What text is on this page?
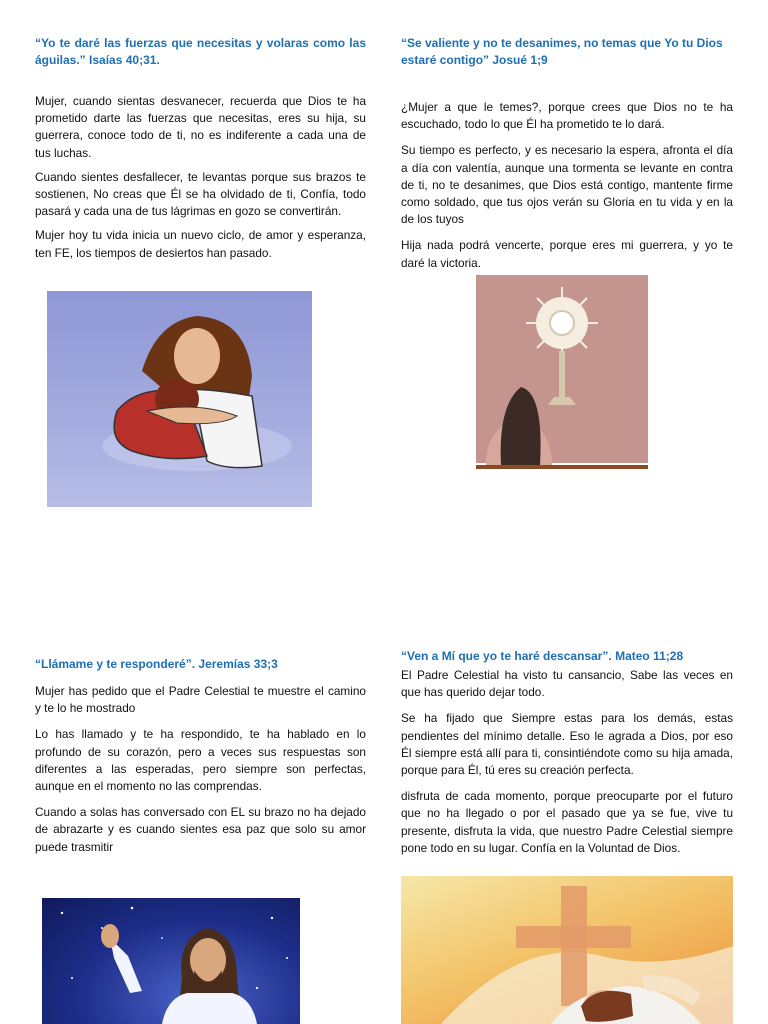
“Yo te daré las fuerzas que necesitas y volaras como las águilas.” Isaías 40;31.

Mujer, cuando sientas desvanecer, recuerda que Dios te ha prometido darte las fuerzas que necesitas, eres su hija, su guerrera, conoce todo de ti, no es indiferente a cada una de tus luchas.

Cuando sientes desfallecer, te levantas porque sus brazos te sostienen, No creas que Él se ha olvidado de ti, Confía, todo pasará y cada una de tus lágrimas en gozo se convertirán.

Mujer hoy tu vida inicia un nuevo ciclo, de amor y esperanza, ten FE, los tiempos de desiertos han pasado.

“Se valiente y no te desanimes, no temas que Yo tu Dios estaré contigo” Josué 1;9

¿Mujer a que le temes?, porque crees que Dios no te ha escuchado, todo lo que Él ha prometido te lo dará.

Su tiempo es perfecto, y es necesario la espera, afronta el día a día con valentía, aunque una tormenta se levante en contra de ti, no te desanimes, que Dios está contigo, mantente firme como soldado, que tus ojos verán su Gloria en tu vida y en la de los tuyos

Hija nada podrá vencerte, porque eres mi guerrera, y yo te daré la victoria.

“Llámame y te responderé”. Jeremías 33;3

Mujer has pedido que el Padre Celestial te muestre el camino y te lo he mostrado

Lo has llamado y te ha respondido, te ha hablado en lo profundo de su corazón, pero a veces sus respuestas son diferentes a las esperadas, pero siempre son perfectas, aunque en el momento no las comprendas.

Cuando a solas has conversado con EL su brazo no ha dejado de abrazarte y es cuando sientes esa paz que solo su amor puede trasmitir

“Ven a Mí que yo te haré descansar”. Mateo 11;28

El Padre Celestial ha visto tu cansancio, Sabe las veces en que has querido dejar todo.

Se ha fijado que Siempre estas para los demás, estas pendientes del mínimo detalle. Eso le agrada a Dios, por eso Él siempre está allí para ti, consintiéndote como su hija amada, porque para Él, tú eres su creación perfecta.

disfruta de cada momento, porque preocuparte por el futuro que no ha llegado o por el pasado que ya se fue, vive tu presente, disfruta la vida, que nuestro Padre Celestial siempre pone todo en su lugar. Confía en la Voluntad de Dios.
